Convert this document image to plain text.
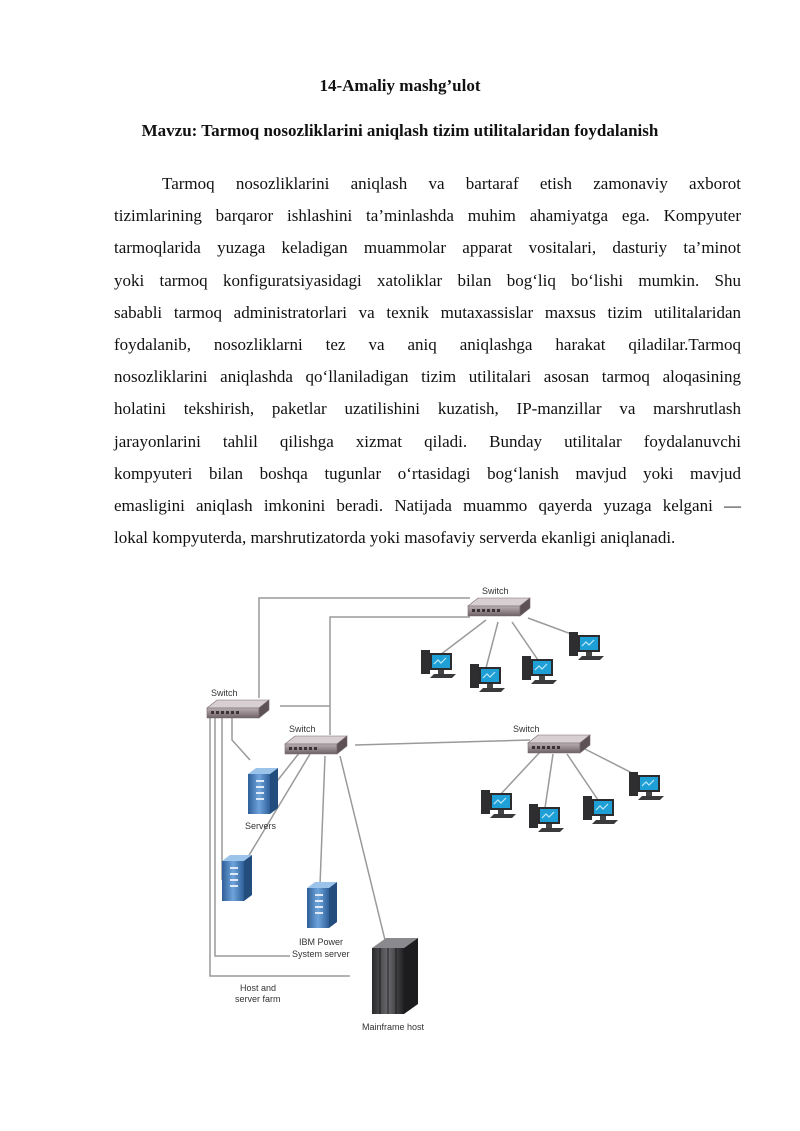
14-Amaliy mashg’ulot

Mavzu: Tarmoq nosozliklarini aniqlash tizim utilitalaridan foydalanish

Tarmoq nosozliklarini aniqlash va bartaraf etish zamonaviy axborot
tizimlarining barqaror ishlashini ta’minlashda muhim ahamiyatga ega. Kompyuter
tarmoqlarida yuzaga keladigan muammolar apparat vositalari, dasturiy ta’minot
yoki tarmoq konfiguratsiyasidagi xatoliklar bilan bog‘liq bo‘lishi mumkin. Shu
sababli tarmoq administratorlari va texnik mutaxassislar maxsus tizim utilitalaridan
foydalanib, nosozliklarni tez va aniq aniqlashga harakat qiladilar.Tarmoq
nosozliklarini aniqlashda qo‘llaniladigan tizim utilitalari asosan tarmoq aloqasining
holatini tekshirish, paketlar uzatilishini kuzatish, IP-manzillar va marshrutlash
jarayonlarini tahlil qilishga xizmat qiladi. Bunday utilitalar foydalanuvchi
kompyuteri bilan boshqa tugunlar o‘rtasidagi bog‘lanish mavjud yoki mavjud
emasligini aniqlash imkonini beradi. Natijada muammo qayerda yuzaga kelgani —
lokal kompyuterda, marshrutizatorda yoki masofaviy serverda ekanligi aniqlanadi.
Switch
Switch
Switch	Switch
Servers
IBM Power
System server
Host and
server farm
Mainframe host
